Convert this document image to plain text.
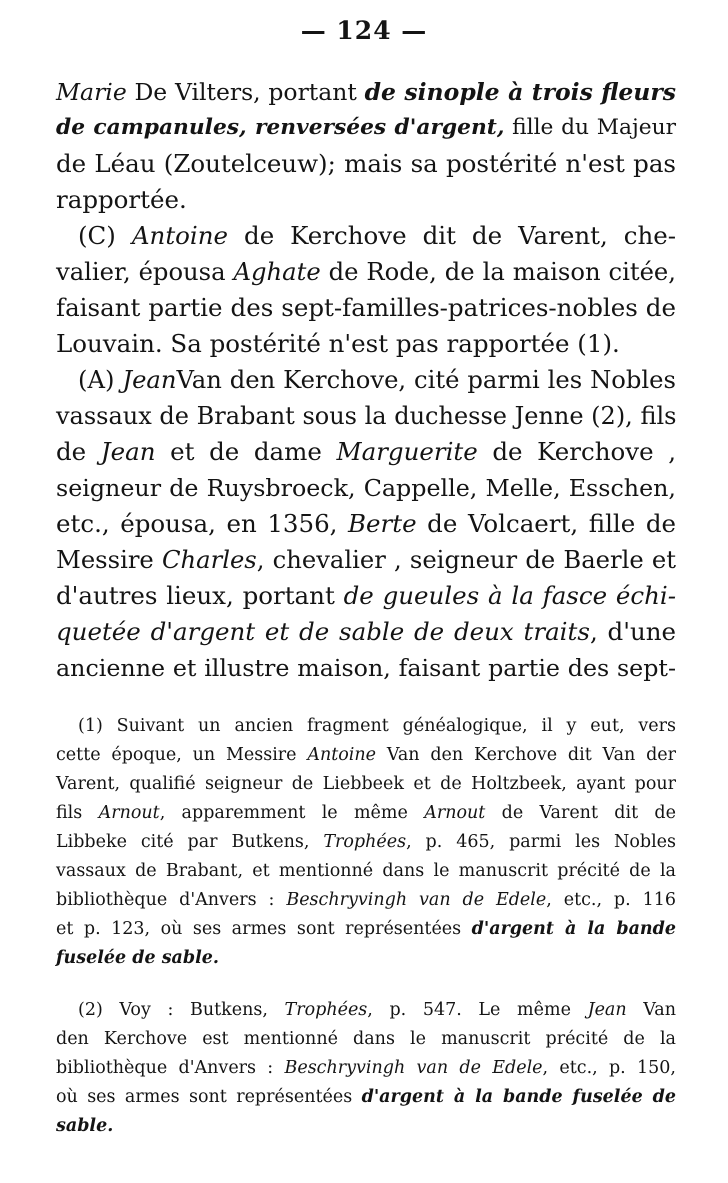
— 124 —
Marie De Vilters, portant de sinople à trois fleurs
de campanules, renversées d'argent, fille du Majeur
de Léau (Zoutelceuw); mais sa postérité n'est pas
rapportée.
(C) Antoine de Kerchove dit de Varent, che-
valier, épousa Aghate de Rode, de la maison citée,
faisant partie des sept-familles-patrices-nobles de
Louvain. Sa postérité n'est pas rapportée (1).
(A) JeanVan den Kerchove, cité parmi les Nobles
vassaux de Brabant sous la duchesse Jenne (2), fils
de Jean et de dame Marguerite de Kerchove ,
seigneur de Ruysbroeck, Cappelle, Melle, Esschen,
etc., épousa, en 1356, Berte de Volcaert, fille de
Messire Charles, chevalier , seigneur de Baerle et
d'autres lieux, portant de gueules à la fasce échi-
quetée d'argent et de sable de deux traits, d'une
ancienne et illustre maison, faisant partie des sept-
(1) Suivant un ancien fragment généalogique, il y eut, vers
cette époque, un Messire Antoine Van den Kerchove dit Van der
Varent, qualifié seigneur de Liebbeek et de Holtzbeek, ayant pour
fils Arnout, apparemment le même Arnout de Varent dit de
Libbeke cité par Butkens, Trophées, p. 465, parmi les Nobles
vassaux de Brabant, et mentionné dans le manuscrit précité de la
bibliothèque d'Anvers : Beschryvingh van de Edele, etc., p. 116
et p. 123, où ses armes sont représentées d'argent à la bande
fuselée de sable.
(2) Voy : Butkens, Trophées, p. 547. Le même Jean Van
den Kerchove est mentionné dans le manuscrit précité de la
bibliothèque d'Anvers : Beschryvingh van de Edele, etc., p. 150,
où ses armes sont représentées d'argent à la bande fuselée de
sable.
